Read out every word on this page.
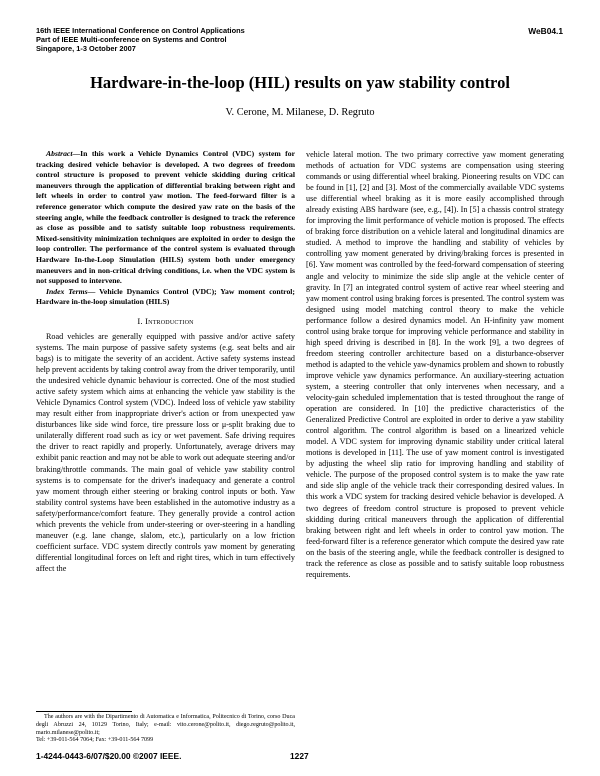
16th IEEE International Conference on Control Applications
Part of IEEE Multi-conference on Systems and Control
Singapore, 1-3 October 2007
WeB04.1
Hardware-in-the-loop (HIL) results on yaw stability control
V. Cerone, M. Milanese, D. Regruto

Abstract—In this work a Vehicle Dynamics Control (VDC) system for tracking desired vehicle behavior is developed. A two degrees of freedom control structure is proposed to prevent vehicle skidding during critical maneuvers through the application of differential braking between right and left wheels in order to control yaw motion. The feed-forward filter is a reference generator which compute the desired yaw rate on the basis of the steering angle, while the feedback controller is designed to track the reference as close as possible and to satisfy suitable loop robustness requirements. Mixed-sensitivity minimization techniques are exploited in order to design the loop controller. The performance of the control system is evaluated through Hardware In-the-Loop Simulation (HILS) system both under emergency maneuvers and in non-critical driving conditions, i.e. when the VDC system is not supposed to intervene.

Index Terms— Vehicle Dynamics Control (VDC); Yaw moment control; Hardware in-the-loop simulation (HILS)

I. Introduction

Road vehicles are generally equipped with passive and/or active safety systems. The main purpose of passive safety systems (e.g. seat belts and air bags) is to mitigate the severity of an accident. Active safety systems instead help prevent accidents by taking control away from the driver temporarily, until the undesired vehicle dynamic behaviour is corrected. One of the most studied active safety system which aims at enhancing the vehicle yaw stability is the Vehicle Dynamics Control system (VDC). Indeed loss of vehicle yaw stability may result either from inappropriate driver's action or from unexpected yaw disturbances like side wind force, tire pressure loss or μ-split braking due to unilaterally different road such as icy or wet pavement. Safe driving requires the driver to react rapidly and properly. Unfortunately, average drivers may exhibit panic reaction and may not be able to work out adequate steering and/or braking/throttle commands. The main goal of vehicle yaw stability control systems is to compensate for the driver's inadequacy and generate a control yaw moment through either steering or braking control inputs or both. Yaw stability control systems have been established in the automotive industry as a safety/performance/comfort feature. They generally provide a control action which prevents the vehicle from under-steering or over-steering in a handling maneuver (e.g. lane change, slalom, etc.), particularly on a low friction coefficient surface. VDC system directly controls yaw moment by generating differential longitudinal forces on left and right tires, which in turn effectively affect the

vehicle lateral motion. The two primary corrective yaw moment generating methods of actuation for VDC systems are compensation using steering commands or using differential wheel braking. Pioneering results on VDC can be found in [1], [2] and [3]. Most of the commercially available VDC systems use differential wheel braking as it is more easily accomplished through already existing ABS hardware (see, e.g., [4]). In [5] a chassis control strategy for improving the limit performance of vehicle motion is proposed. The effects of braking force distribution on a vehicle lateral and longitudinal dinamics are studied. A method to improve the handling and stability of vehicles by controlling yaw moment generated by driving/braking forces is presented in [6]. Yaw moment was controlled by the feed-forward compensation of steering angle and velocity to minimize the side slip angle at the vehicle center of gravity. In [7] an integrated control system of active rear wheel steering and yaw moment control using braking forces is presented. The control system was designed using model matching control theory to make the vehicle performance follow a desired dynamics model. An H-infinity yaw moment control using brake torque for improving vehicle performance and stability in high speed driving is described in [8]. In the work [9], a two degrees of freedom steering controller architecture based on a disturbance-observer method is adapted to the vehicle yaw-dynamics problem and shown to robustly improve vehicle yaw dynamics performance. An auxiliary-steering actuation system, a steering controller that only intervenes when necessary, and a velocity-gain scheduled implementation that is tested throughout the range of operation are considered. In [10] the predictive characteristics of the Generalized Predictive Control are exploited in order to derive a yaw stability control algorithm. The control algorithm is based on a linearized vehicle model. A VDC system for improving dynamic stability under critical lateral motions is developed in [11]. The use of yaw moment control is investigated by adjusting the wheel slip ratio for improving handling and stability of vehicle. The purpose of the proposed control system is to make the yaw rate and side slip angle of the vehicle track their corresponding desired values. In this work a VDC system for tracking desired vehicle behavior is developed. A two degrees of freedom control structure is proposed to prevent vehicle skidding during critical maneuvers through the application of differential braking between right and left wheels in order to control yaw motion. The feed-forward filter is a reference generator which compute the desired yaw rate on the basis of the steering angle, while the feedback controller is designed to track the reference as close as possible and to satisfy suitable loop robustness requirements.

The authors are with the Dipartimento di Automatica e Informatica, Politecnico di Torino, corso Duca degli Abruzzi 24, 10129 Torino, Italy; e-mail: vito.cerone@polito.it, diego.regruto@polito.it, mario.milanese@polito.it;

Tel: +39-011-564 7064; Fax: +39-011-564 7099

1-4244-0443-6/07/$20.00 ©2007 IEEE.	1227
